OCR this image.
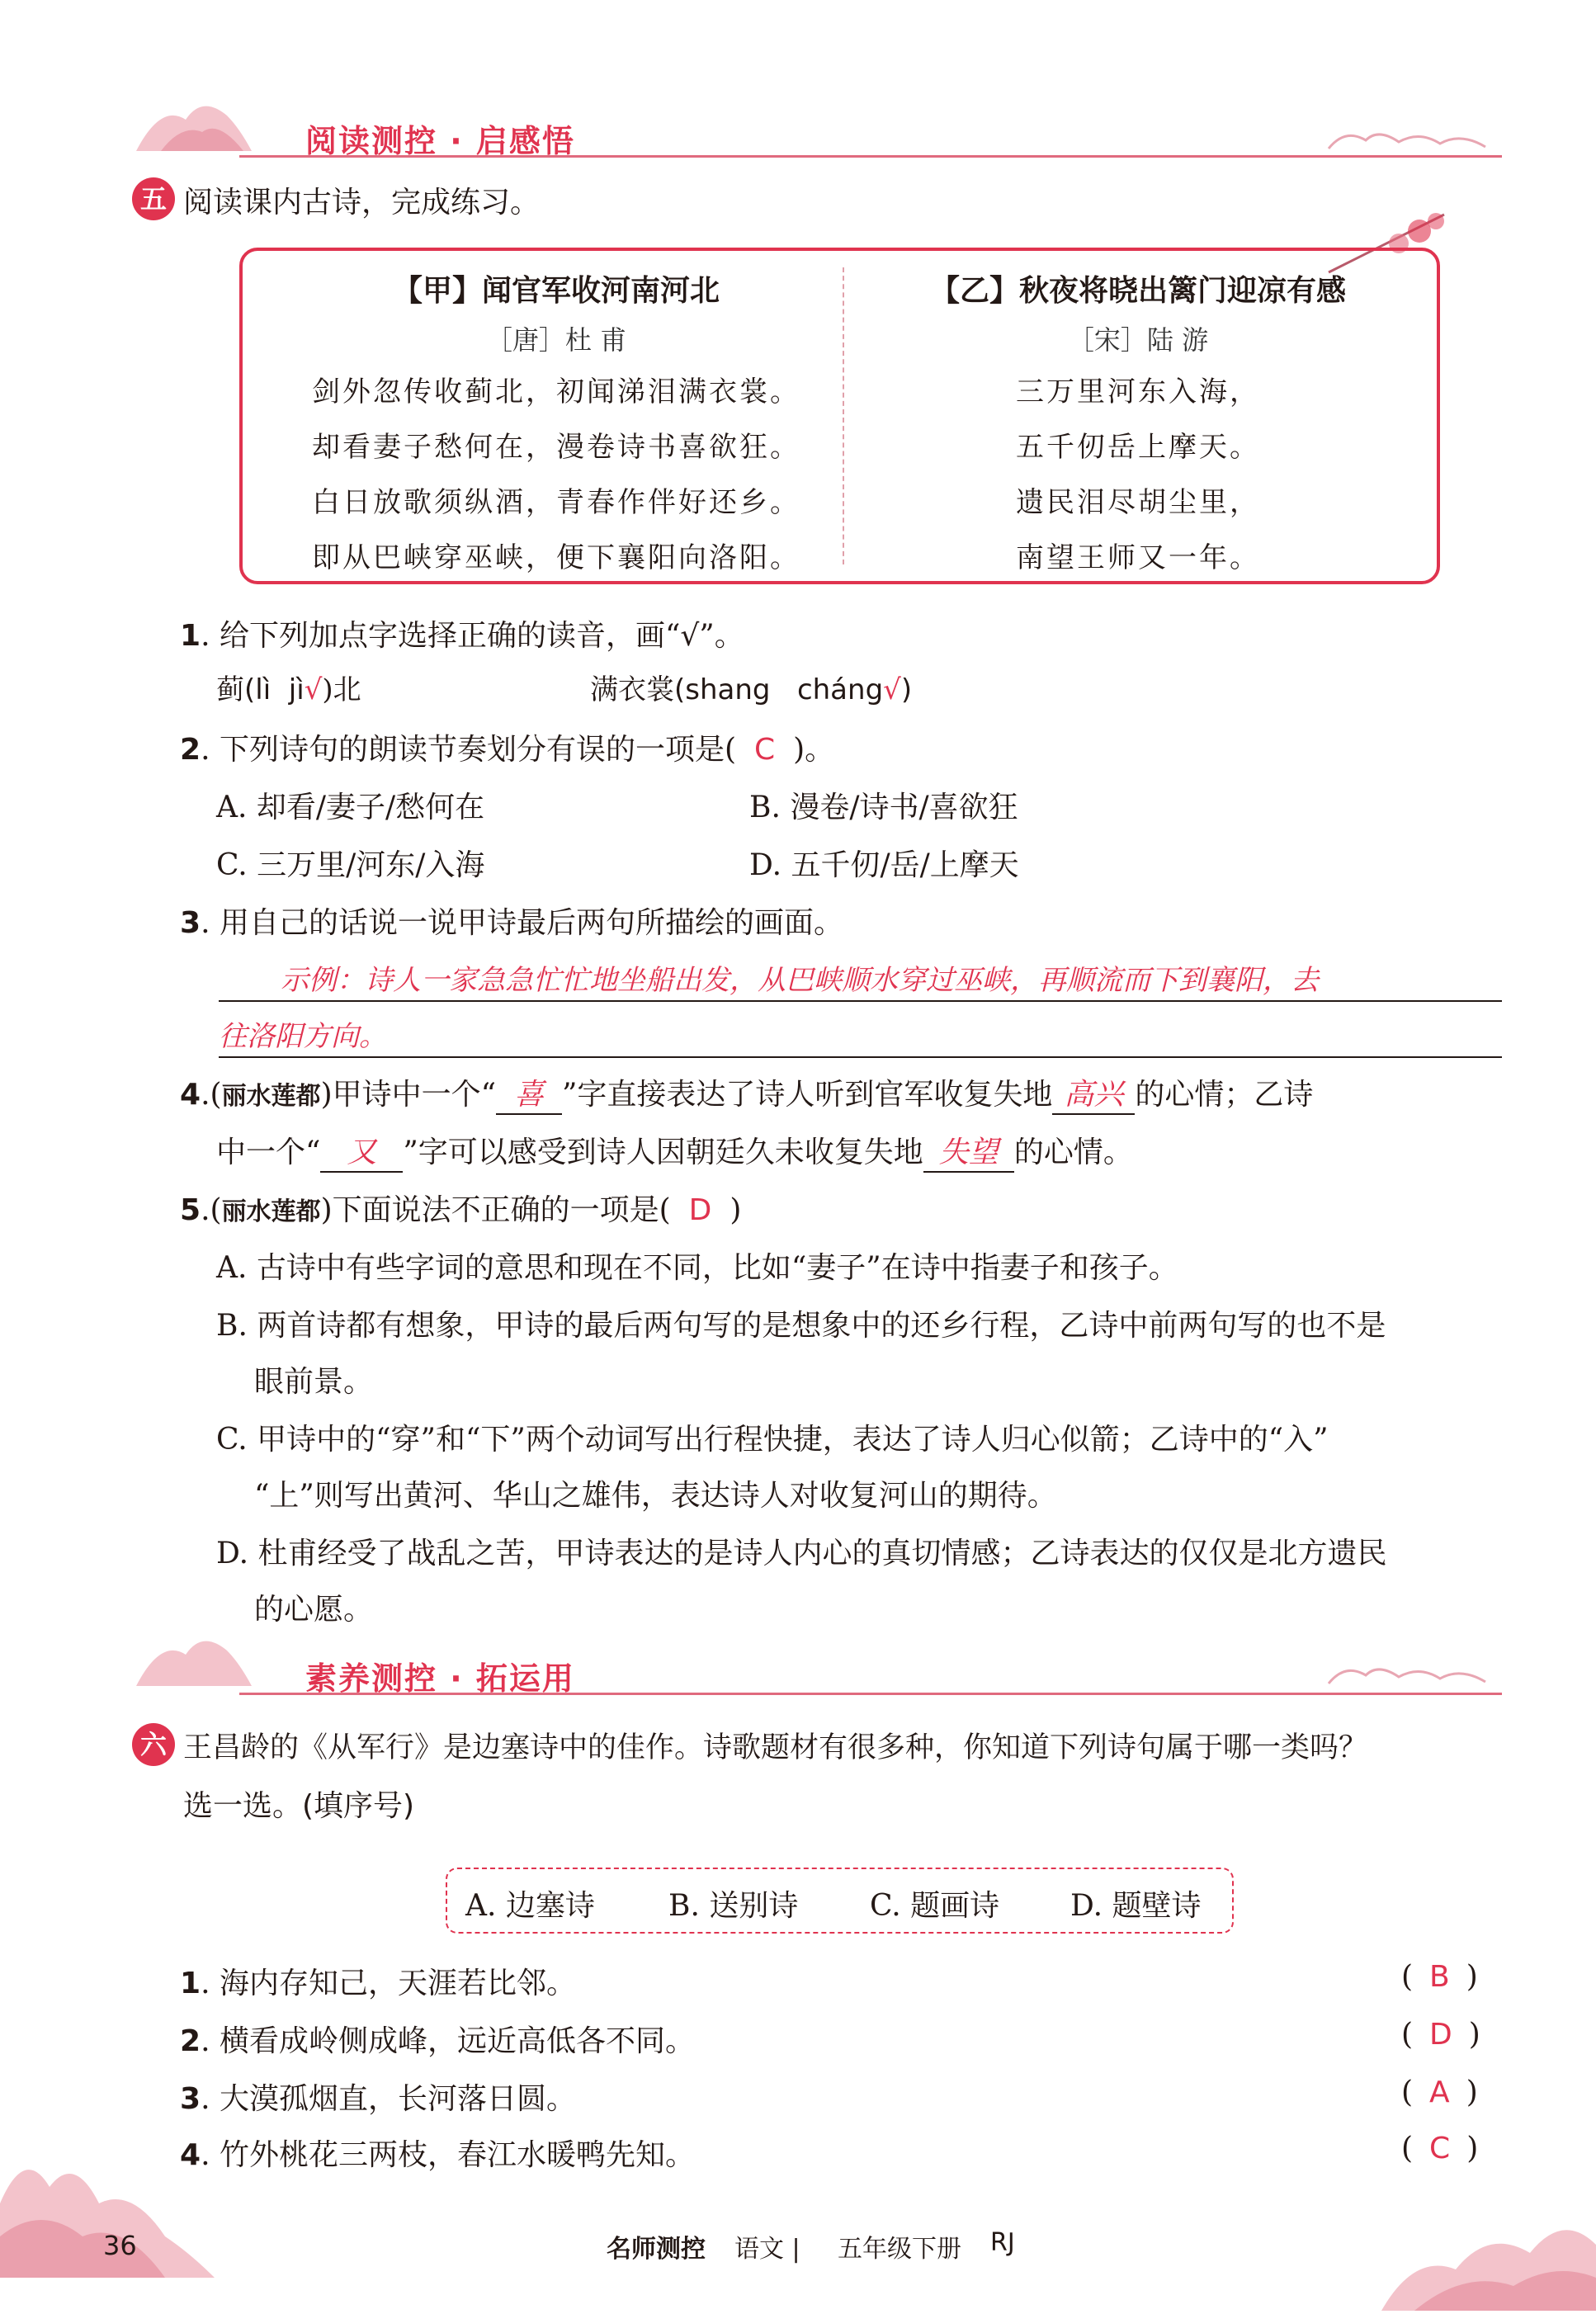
阅读测控 · 启感悟
五 阅读课内古诗，完成练习。
【甲】闻官军收河南河北
［唐］杜 甫
剑外忽传收蓟北，初闻涕泪满衣裳。
却看妻子愁何在，漫卷诗书喜欲狂。
白日放歌须纵酒，青春作伴好还乡。
即从巴峡穿巫峡，便下襄阳向洛阳。
【乙】秋夜将晓出篱门迎凉有感
［宋］陆 游
三万里河东入海，
五千仞岳上摩天。
遗民泪尽胡尘里，
南望王师又一年。
1. 给下列加点字选择正确的读音，画“√”。
蓟(lì jì√)北	满衣裳(shang cháng√)
2. 下列诗句的朗读节奏划分有误的一项是( C )。
A. 却看/妻子/愁何在	B. 漫卷/诗书/喜欲狂
C. 三万里/河东/入海	D. 五千仞/岳/上摩天
3. 用自己的话说一说甲诗最后两句所描绘的画面。
示例：诗人一家急急忙忙地坐船出发，从巴峡顺水穿过巫峡，再顺流而下到襄阳，去
往洛阳方向。
4.(丽水莲都)甲诗中一个“ 喜 ”字直接表达了诗人听到官军收复失地 高兴 的心情；乙诗
中一个“ 又 ”字可以感受到诗人因朝廷久未收复失地 失望 的心情。
5.(丽水莲都)下面说法不正确的一项是( D )
A. 古诗中有些字词的意思和现在不同，比如“妻子”在诗中指妻子和孩子。
B. 两首诗都有想象，甲诗的最后两句写的是想象中的还乡行程，乙诗中前两句写的也不是
眼前景。
C. 甲诗中的“穿”和“下”两个动词写出行程快捷，表达了诗人归心似箭；乙诗中的“入”
“上”则写出黄河、华山之雄伟，表达诗人对收复河山的期待。
D. 杜甫经受了战乱之苦，甲诗表达的是诗人内心的真切情感；乙诗表达的仅仅是北方遗民
的心愿。
素养测控 · 拓运用
六 王昌龄的《从军行》是边塞诗中的佳作。诗歌题材有很多种，你知道下列诗句属于哪一类吗？
选一选。(填序号)
A. 边塞诗 B. 送别诗 C. 题画诗 D. 题壁诗
1. 海内存知己，天涯若比邻。	( B )
2. 横看成岭侧成峰，远近高低各不同。	( D )
3. 大漠孤烟直，长河落日圆。	( A )
4. 竹外桃花三两枝，春江水暖鸭先知。	( C )
36	名师测控 语文 | 五年级下册 RJ
